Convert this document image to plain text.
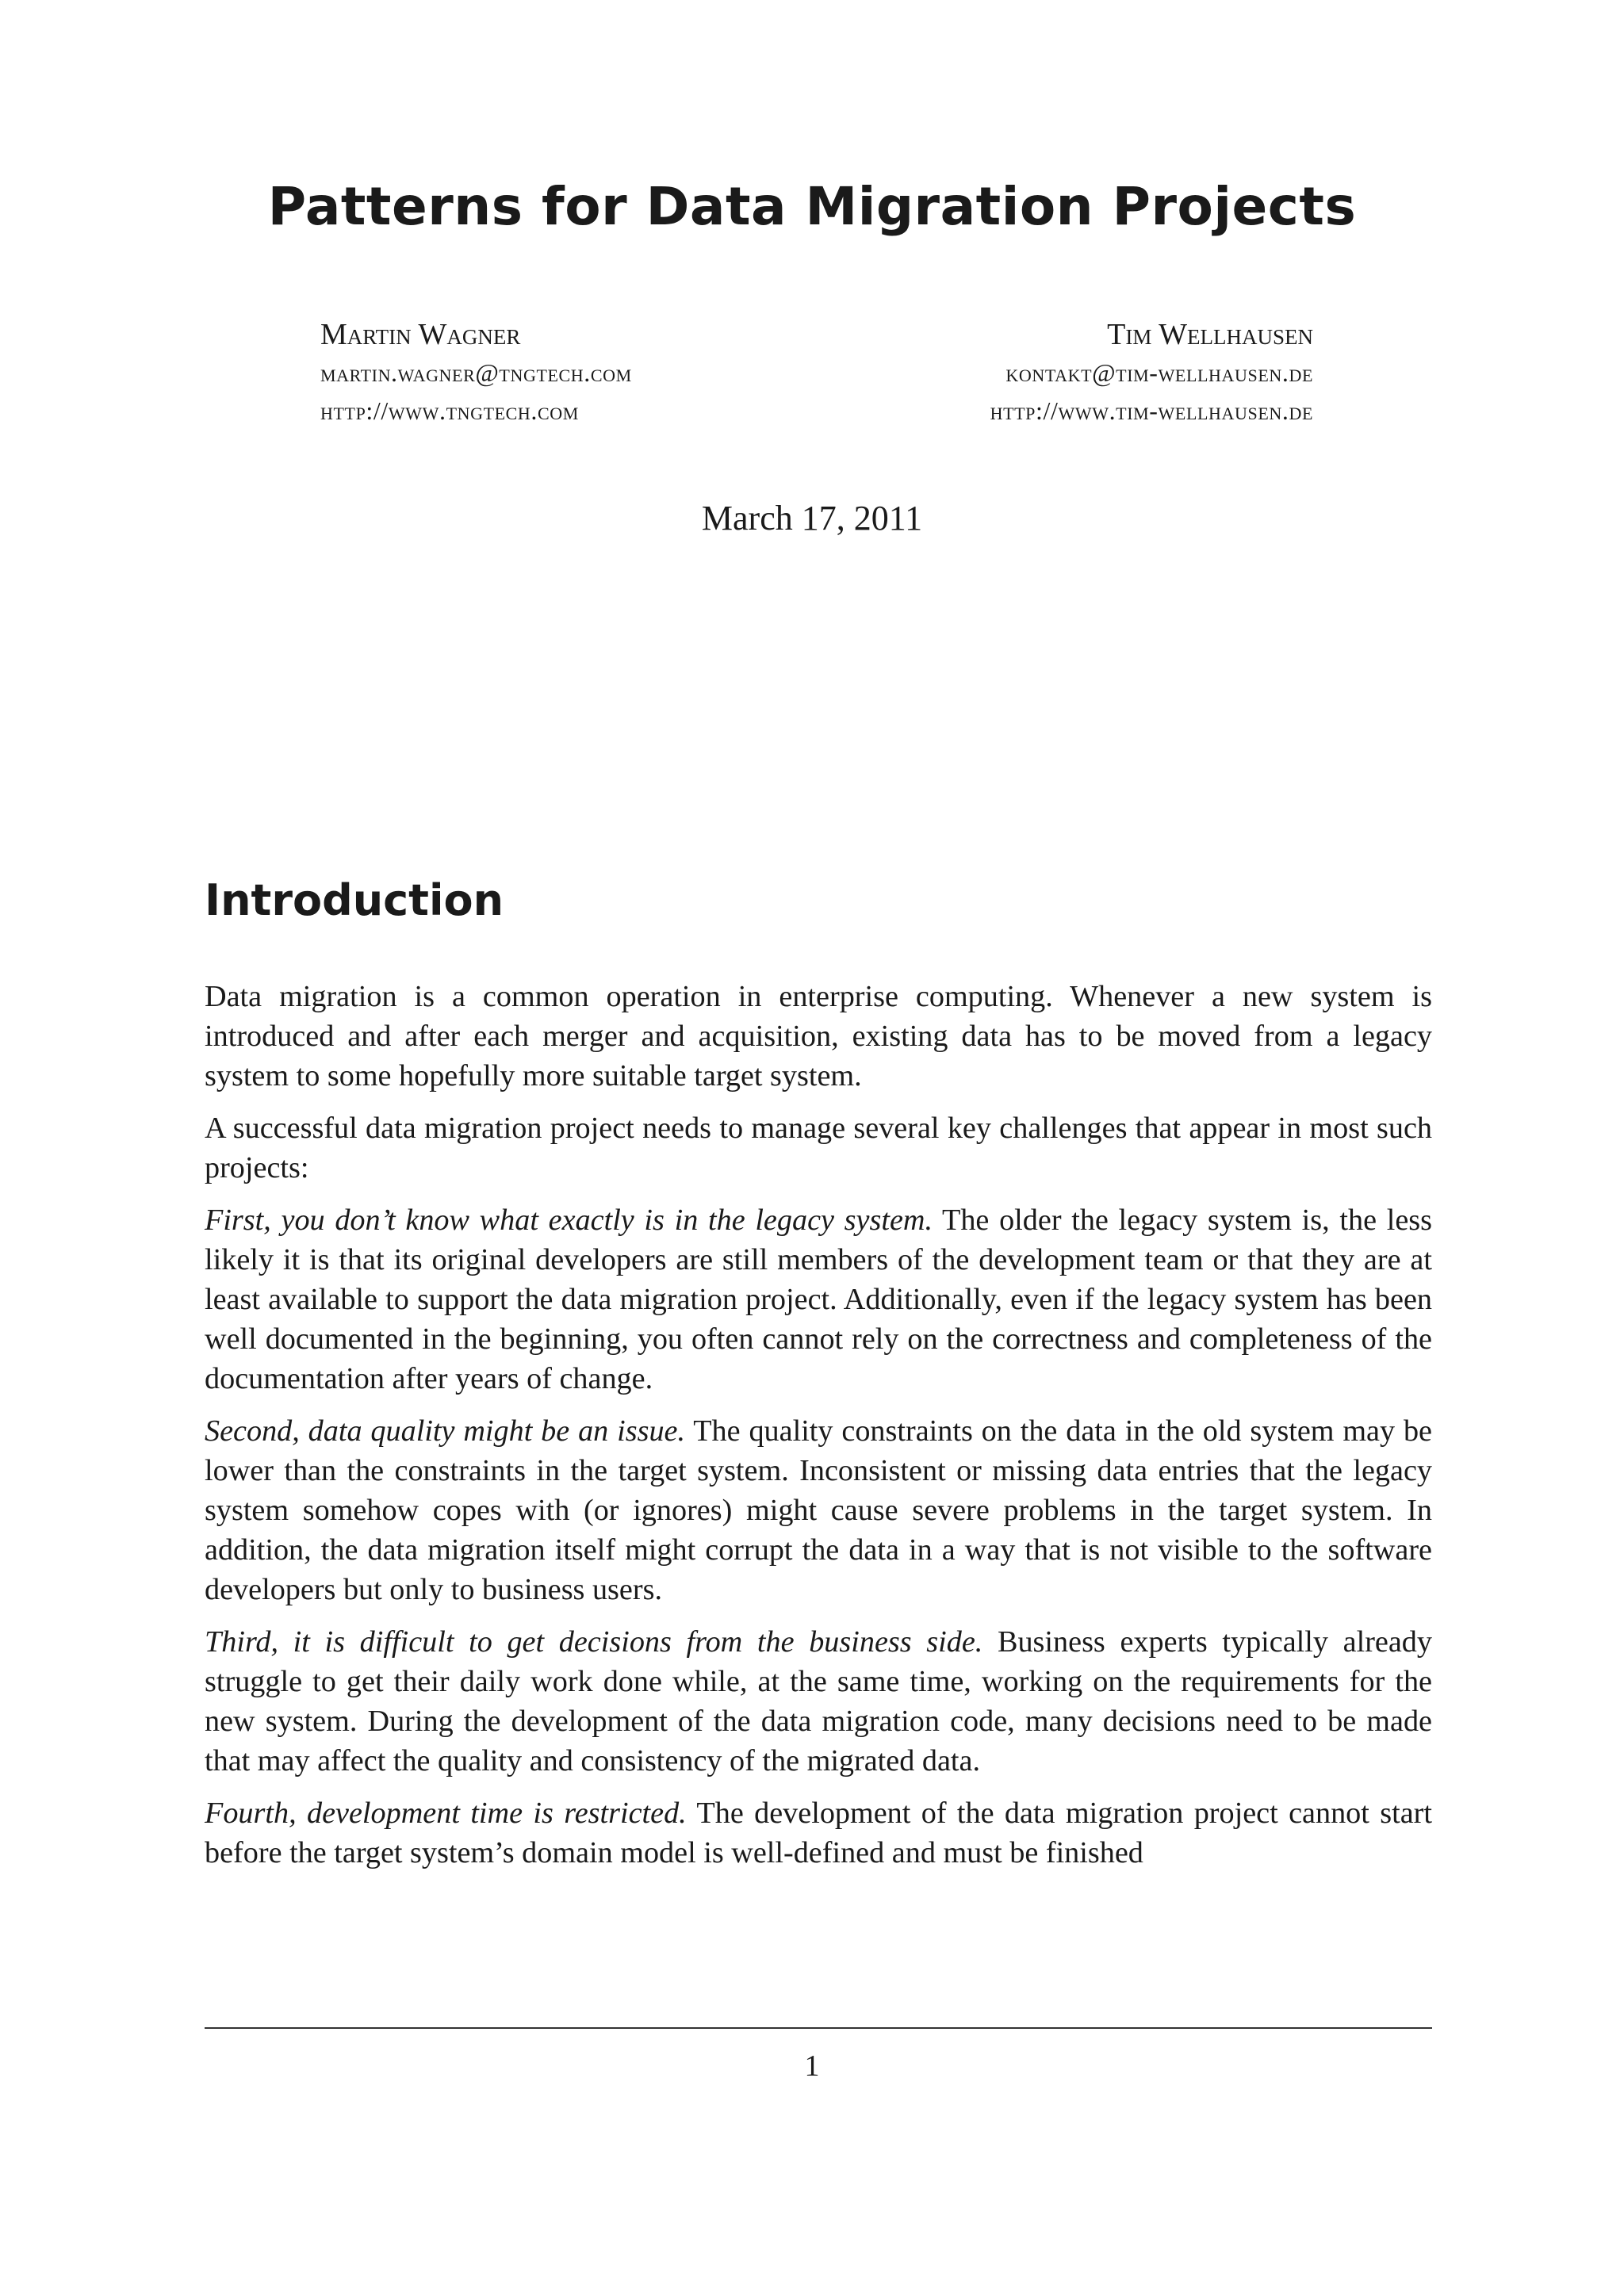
Patterns for Data Migration Projects
Martin Wagner
martin.wagner@tngtech.com
http://www.tngtech.com
Tim Wellhausen
kontakt@tim-wellhausen.de
http://www.tim-wellhausen.de
March 17, 2011
Introduction

Data migration is a common operation in enterprise computing. Whenever a new system is introduced and after each merger and acquisition, existing data has to be moved from a legacy system to some hopefully more suitable target system.

A successful data migration project needs to manage several key challenges that appear in most such projects:

First, you don’t know what exactly is in the legacy system. The older the legacy system is, the less likely it is that its original developers are still members of the development team or that they are at least available to support the data migration project. Additionally, even if the legacy system has been well documented in the beginning, you often cannot rely on the correctness and completeness of the documentation after years of change.

Second, data quality might be an issue. The quality constraints on the data in the old system may be lower than the constraints in the target system. Inconsistent or missing data entries that the legacy system somehow copes with (or ignores) might cause severe problems in the target system. In addition, the data migration itself might corrupt the data in a way that is not visible to the software developers but only to business users.

Third, it is difficult to get decisions from the business side. Business experts typically already struggle to get their daily work done while, at the same time, working on the requirements for the new system. During the development of the data migration code, many decisions need to be made that may affect the quality and consistency of the migrated data.

Fourth, development time is restricted. The development of the data migration project cannot start before the target system’s domain model is well-defined and must be finished

1
